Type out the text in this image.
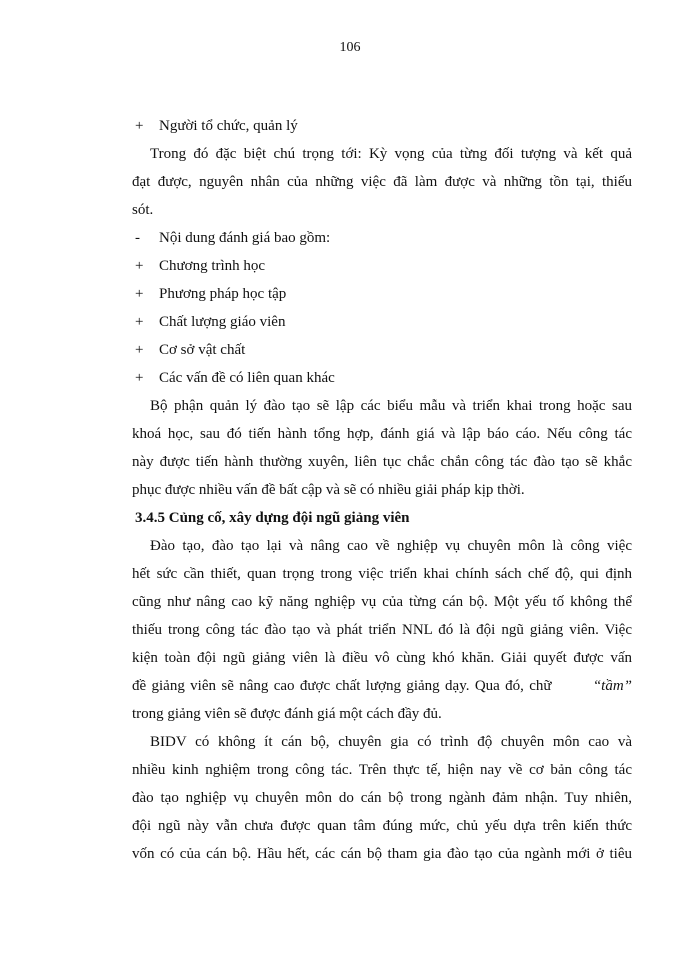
106
+ Người tổ chức, quản lý
Trong đó đặc biệt chú trọng tới: Kỳ vọng của từng đối tượng và kết quả
đạt được, nguyên nhân của những việc đã làm được và những tồn tại, thiếu
sót.
- Nội dung đánh giá bao gồm:
+ Chương trình học
+ Phương pháp học tập
+ Chất lượng giáo viên
+ Cơ sở vật chất
+ Các vấn đề có liên quan khác
Bộ phận quản lý đào tạo sẽ lập các biểu mẫu và triển khai trong hoặc sau
khoá học, sau đó tiến hành tổng hợp, đánh giá và lập báo cáo. Nếu công tác
này được tiến hành thường xuyên, liên tục chắc chắn công tác đào tạo sẽ khắc
phục được nhiều vấn đề bất cập và sẽ có nhiều giải pháp kịp thời.
3.4.5 Củng cố, xây dựng đội ngũ giảng viên
Đào tạo, đào tạo lại và nâng cao về nghiệp vụ chuyên môn là công việc
hết sức cần thiết, quan trọng trong việc triển khai chính sách chế độ, qui định
cũng như nâng cao kỹ năng nghiệp vụ của từng cán bộ. Một yếu tố không thể
thiếu trong công tác đào tạo và phát triển NNL đó là đội ngũ giảng viên. Việc
kiện toàn đội ngũ giảng viên là điều vô cùng khó khăn. Giải quyết được vấn
đề giảng viên sẽ nâng cao được chất lượng giảng dạy. Qua đó, chữ	“tầm”
trong giảng viên sẽ được đánh giá một cách đầy đủ.
BIDV có không ít cán bộ, chuyên gia có trình độ chuyên môn cao và
nhiều kinh nghiệm trong công tác. Trên thực tế, hiện nay về cơ bản công tác
đào tạo nghiệp vụ chuyên môn do cán bộ trong ngành đảm nhận. Tuy nhiên,
đội ngũ này vẫn chưa được quan tâm đúng mức, chủ yếu dựa trên kiến thức
vốn có của cán bộ. Hầu hết, các cán bộ tham gia đào tạo của ngành mới ở tiêu
